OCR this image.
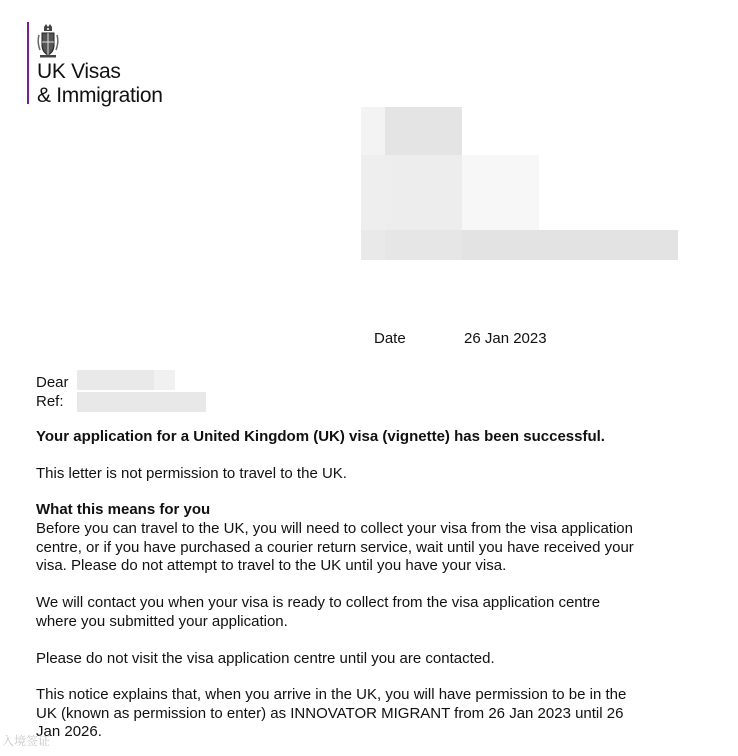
UK Visas
& Immigration
Date	26 Jan 2023
Dear
Ref:
Your application for a United Kingdom (UK) visa (vignette) has been successful.
This letter is not permission to travel to the UK.
What this means for you
Before you can travel to the UK, you will need to collect your visa from the visa application
centre, or if you have purchased a courier return service, wait until you have received your
visa. Please do not attempt to travel to the UK until you have your visa.
We will contact you when your visa is ready to collect from the visa application centre
where you submitted your application.
Please do not visit the visa application centre until you are contacted.
This notice explains that, when you arrive in the UK, you will have permission to be in the
UK (known as permission to enter) as INNOVATOR MIGRANT from 26 Jan 2023 until 26
Jan 2026.
入境签证
